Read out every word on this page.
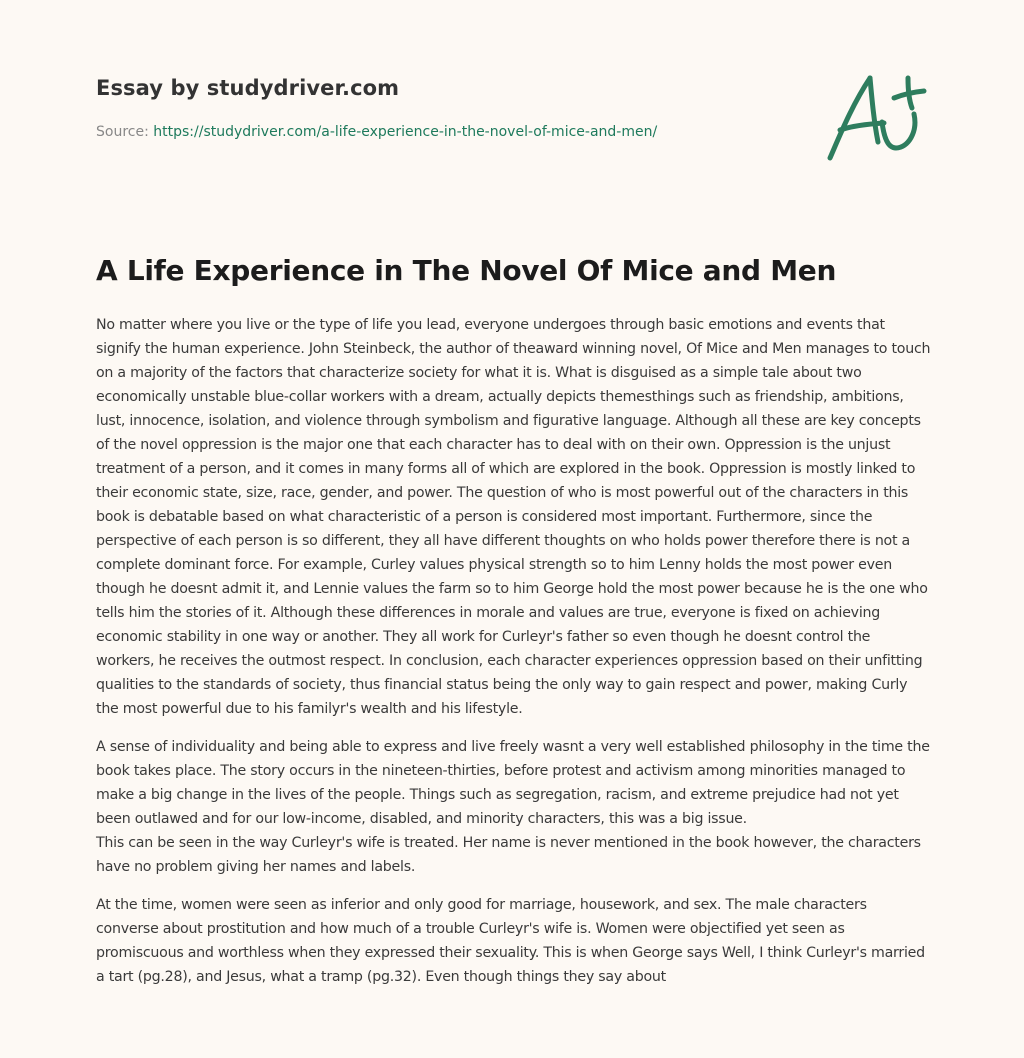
Essay by studydriver.com
Source: https://studydriver.com/a-life-experience-in-the-novel-of-mice-and-men/
A Life Experience in The Novel Of Mice and Men

No matter where you live or the type of life you lead, everyone undergoes through basic emotions and events that signify the human experience. John Steinbeck, the author of theaward winning novel, Of Mice and Men manages to touch on a majority of the factors that characterize society for what it is. What is disguised as a simple tale about two economically unstable blue-collar workers with a dream, actually depicts themesthings such as friendship, ambitions, lust, innocence, isolation, and violence through symbolism and figurative language. Although all these are key concepts of the novel oppression is the major one that each character has to deal with on their own. Oppression is the unjust treatment of a person, and it comes in many forms all of which are explored in the book. Oppression is mostly linked to their economic state, size, race, gender, and power. The question of who is most powerful out of the characters in this book is debatable based on what characteristic of a person is considered most important. Furthermore, since the perspective of each person is so different, they all have different thoughts on who holds power therefore there is not a complete dominant force. For example, Curley values physical strength so to him Lenny holds the most power even though he doesnt admit it, and Lennie values the farm so to him George hold the most power because he is the one who tells him the stories of it. Although these differences in morale and values are true, everyone is fixed on achieving economic stability in one way or another. They all work for Curleyr's father so even though he doesnt control the workers, he receives the outmost respect. In conclusion, each character experiences oppression based on their unfitting qualities to the standards of society, thus financial status being the only way to gain respect and power, making Curly the most powerful due to his familyr's wealth and his lifestyle.

A sense of individuality and being able to express and live freely wasnt a very well established philosophy in the time the book takes place. The story occurs in the nineteen-thirties, before protest and activism among minorities managed to make a big change in the lives of the people. Things such as segregation, racism, and extreme prejudice had not yet been outlawed and for our low-income, disabled, and minority characters, this was a big issue.

This can be seen in the way Curleyr's wife is treated. Her name is never mentioned in the book however, the characters have no problem giving her names and labels.

At the time, women were seen as inferior and only good for marriage, housework, and sex. The male characters converse about prostitution and how much of a trouble Curleyr's wife is. Women were objectified yet seen as promiscuous and worthless when they expressed their sexuality. This is when George says Well, I think Curleyr's married a tart (pg.28), and Jesus, what a tramp (pg.32). Even though things they say about
